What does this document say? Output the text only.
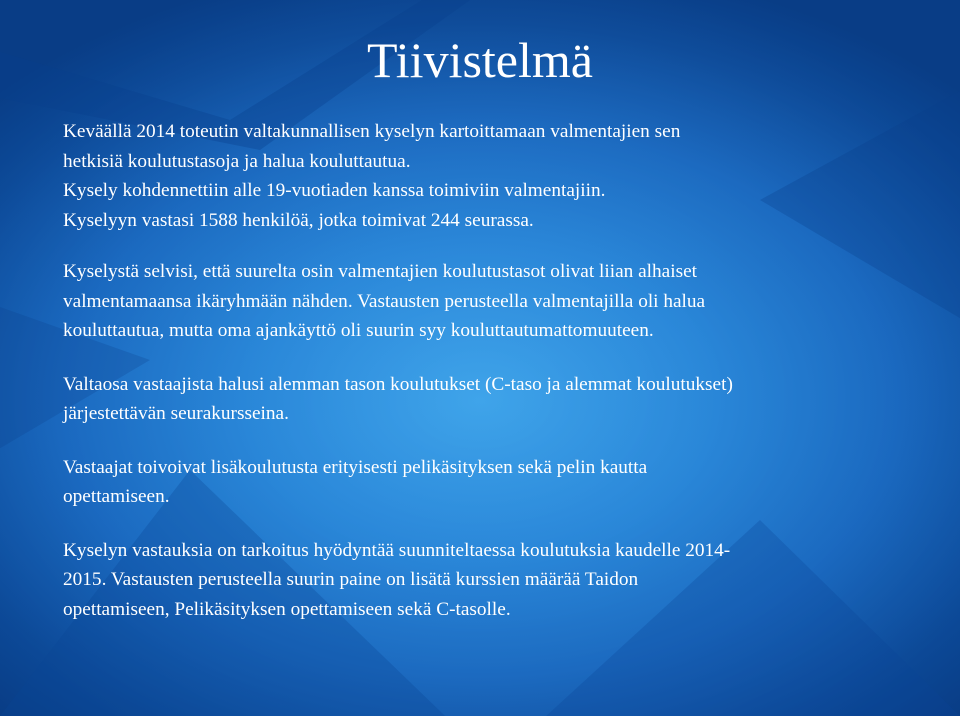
Tiivistelmä

Keväällä 2014 toteutin valtakunnallisen kyselyn kartoittamaan valmentajien sen
hetkisiä koulutustasoja ja halua kouluttautua.
Kysely kohdennettiin alle 19-vuotiaden kanssa toimiviin valmentajiin.
Kyselyyn vastasi 1588 henkilöä, jotka toimivat 244 seurassa.

Kyselystä selvisi, että suurelta osin valmentajien koulutustasot olivat liian alhaiset
valmentamaansa ikäryhmään nähden. Vastausten perusteella valmentajilla oli halua
kouluttautua, mutta oma ajankäyttö oli suurin syy kouluttautumattomuuteen.

Valtaosa vastaajista halusi alemman tason koulutukset (C-taso ja alemmat koulutukset)
järjestettävän seurakursseina.

Vastaajat toivoivat lisäkoulutusta erityisesti pelikäsityksen sekä pelin kautta
opettamiseen.

Kyselyn vastauksia on tarkoitus hyödyntää suunniteltaessa koulutuksia kaudelle 2014-
2015. Vastausten perusteella suurin paine on lisätä kurssien määrää Taidon
opettamiseen, Pelikäsityksen opettamiseen sekä C-tasolle.
